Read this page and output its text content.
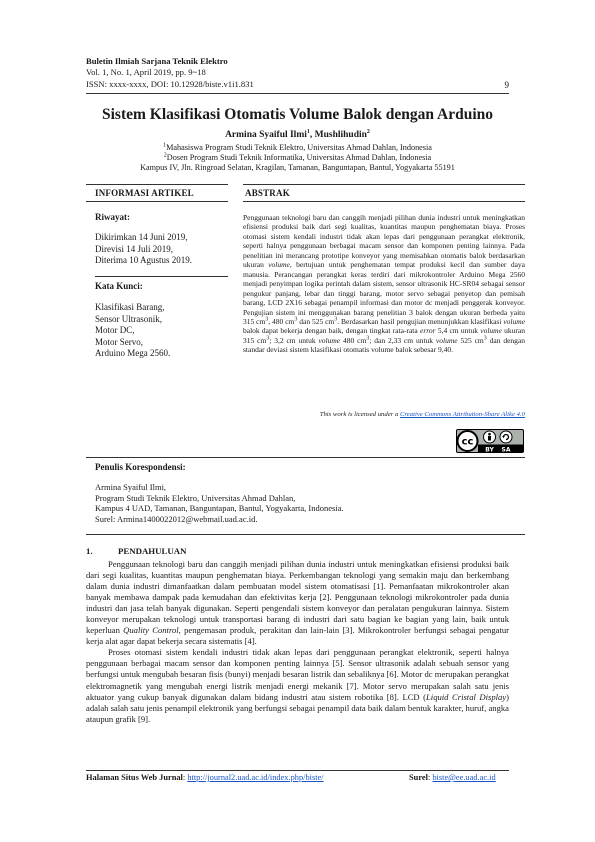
Buletin Ilmiah Sarjana Teknik Elektro
Vol. 1, No. 1, April 2019, pp. 9~18
ISSN: xxxx-xxxx, DOI: 10.12928/biste.v1i1.831	9
Sistem Klasifikasi Otomatis Volume Balok dengan Arduino
Armina Syaiful Ilmi$^1$, Mushlihudin$^2$
$^1$Mahasiswa Program Studi Teknik Elektro, Universitas Ahmad Dahlan, Indonesia
$^2$Dosen Program Studi Teknik Informatika, Universitas Ahmad Dahlan, Indonesia
Kampus IV, Jln. Ringroad Selatan, Kragilan, Tamanan, Banguntapan, Bantul, Yogyakarta 55191
INFORMASI ARTIKEL	ABSTRAK
Riwayat:
Dikirimkan 14 Juni 2019,
Direvisi 14 Juli 2019,
Diterima 10 Agustus 2019.
Kata Kunci:
Klasifikasi Barang,
Sensor Ultrasonik,
Motor DC,
Motor Servo,
Arduino Mega 2560.
Penggunaan teknologi baru dan canggih menjadi pilihan dunia industri untuk meningkatkan efisiensi produksi baik dari segi kualitas, kuantitas maupun penghematan biaya. Proses otomasi sistem kendali industri tidak akan lepas dari penggunaan perangkat elektronik, seperti halnya penggunaan berbagai macam sensor dan komponen penting lainnya. Pada penelitian ini merancang prototipe konveyor yang memisahkan otomatis balok berdasarkan ukuran volume, bertujuan untuk penghematan tempat produksi kecil dan sumber daya manusia. Perancangan perangkat keras terdiri dari mikrokontroler Arduino Mega 2560 menjadi penyimpan logika perintah dalam sistem, sensor ultrasonik HC-SR04 sebagai sensor pengukur panjang, lebar dan tinggi barang, motor servo sebagai penyetop dan pemisah barang, LCD 2X16 sebagai penampil informasi dan motor dc menjadi penggerak konveyor. Pengujian sistem ini menggunakan barang penelitian 3 balok dengan ukuran berbeda yaitu 315 $cm^3$, 480 $cm^3$ dan 525 $cm^3$. Berdasarkan hasil pengujian menunjukkan klasifikasi volume balok dapat bekerja dengan baik, dengan tingkat rata-rata error 5,4 cm untuk volume ukuran 315 $cm^3$; 3,2 cm untuk volume 480 $cm^3$; dan 2,33 cm untuk volume 525 $cm^3$ dan dengan standar deviasi sistem klasifikasi otomatis volume balok sebesar 9,40.
This work is licensed under a Creative Commons Attribution-Share Alike 4.0
cc
BY SA
Penulis Korespondensi:
Armina Syaiful Ilmi,
Program Studi Teknik Elektro, Universitas Ahmad Dahlan,
Kampus 4 UAD, Tamanan, Banguntapan, Bantul, Yogyakarta, Indonesia.
Surel: Armina1400022012@webmail.uad.ac.id.
1.	PENDAHULUAN

Penggunaan teknologi baru dan canggih menjadi pilihan dunia industri untuk meningkatkan efisiensi produksi baik dari segi kualitas, kuantitas maupun penghematan biaya. Perkembangan teknologi yang semakin maju dan berkembang dalam dunia industri dimanfaatkan dalam pembuatan model sistem otomatisasi [1]. Pemanfaatan mikrokontroler akan banyak membawa dampak pada kemudahan dan efektivitas kerja [2]. Penggunaan teknologi mikrokontroler pada dunia industri dan jasa telah banyak digunakan. Seperti pengendali sistem konveyor dan peralatan pengukuran lainnya. Sistem konveyor merupakan teknologi untuk transportasi barang di industri dari satu bagian ke bagian yang lain, baik untuk keperluan Quality Control, pengemasan produk, perakitan dan lain-lain [3]. Mikrokontroler berfungsi sebagai pengatur kerja alat agar dapat bekerja secara sistematis [4].

Proses otomasi sistem kendali industri tidak akan lepas dari penggunaan perangkat elektronik, seperti halnya penggunaan berbagai macam sensor dan komponen penting lainnya [5]. Sensor ultrasonik adalah sebuah sensor yang berfungsi untuk mengubah besaran fisis (bunyi) menjadi besaran listrik dan sebaliknya [6]. Motor dc merupakan perangkat elektromagnetik yang mengubah energi listrik menjadi energi mekanik [7]. Motor servo merupakan salah satu jenis aktuator yang cukup banyak digunakan dalam bidang industri atau sistem robotika [8]. LCD (Liquid Cristal Display) adalah salah satu jenis penampil elektronik yang berfungsi sebagai penampil data baik dalam bentuk karakter, huruf, angka ataupun grafik [9].

Halaman Situs Web Jurnal: http://journal2.uad.ac.id/index.php/biste/	Surel: biste@ee.uad.ac.id
